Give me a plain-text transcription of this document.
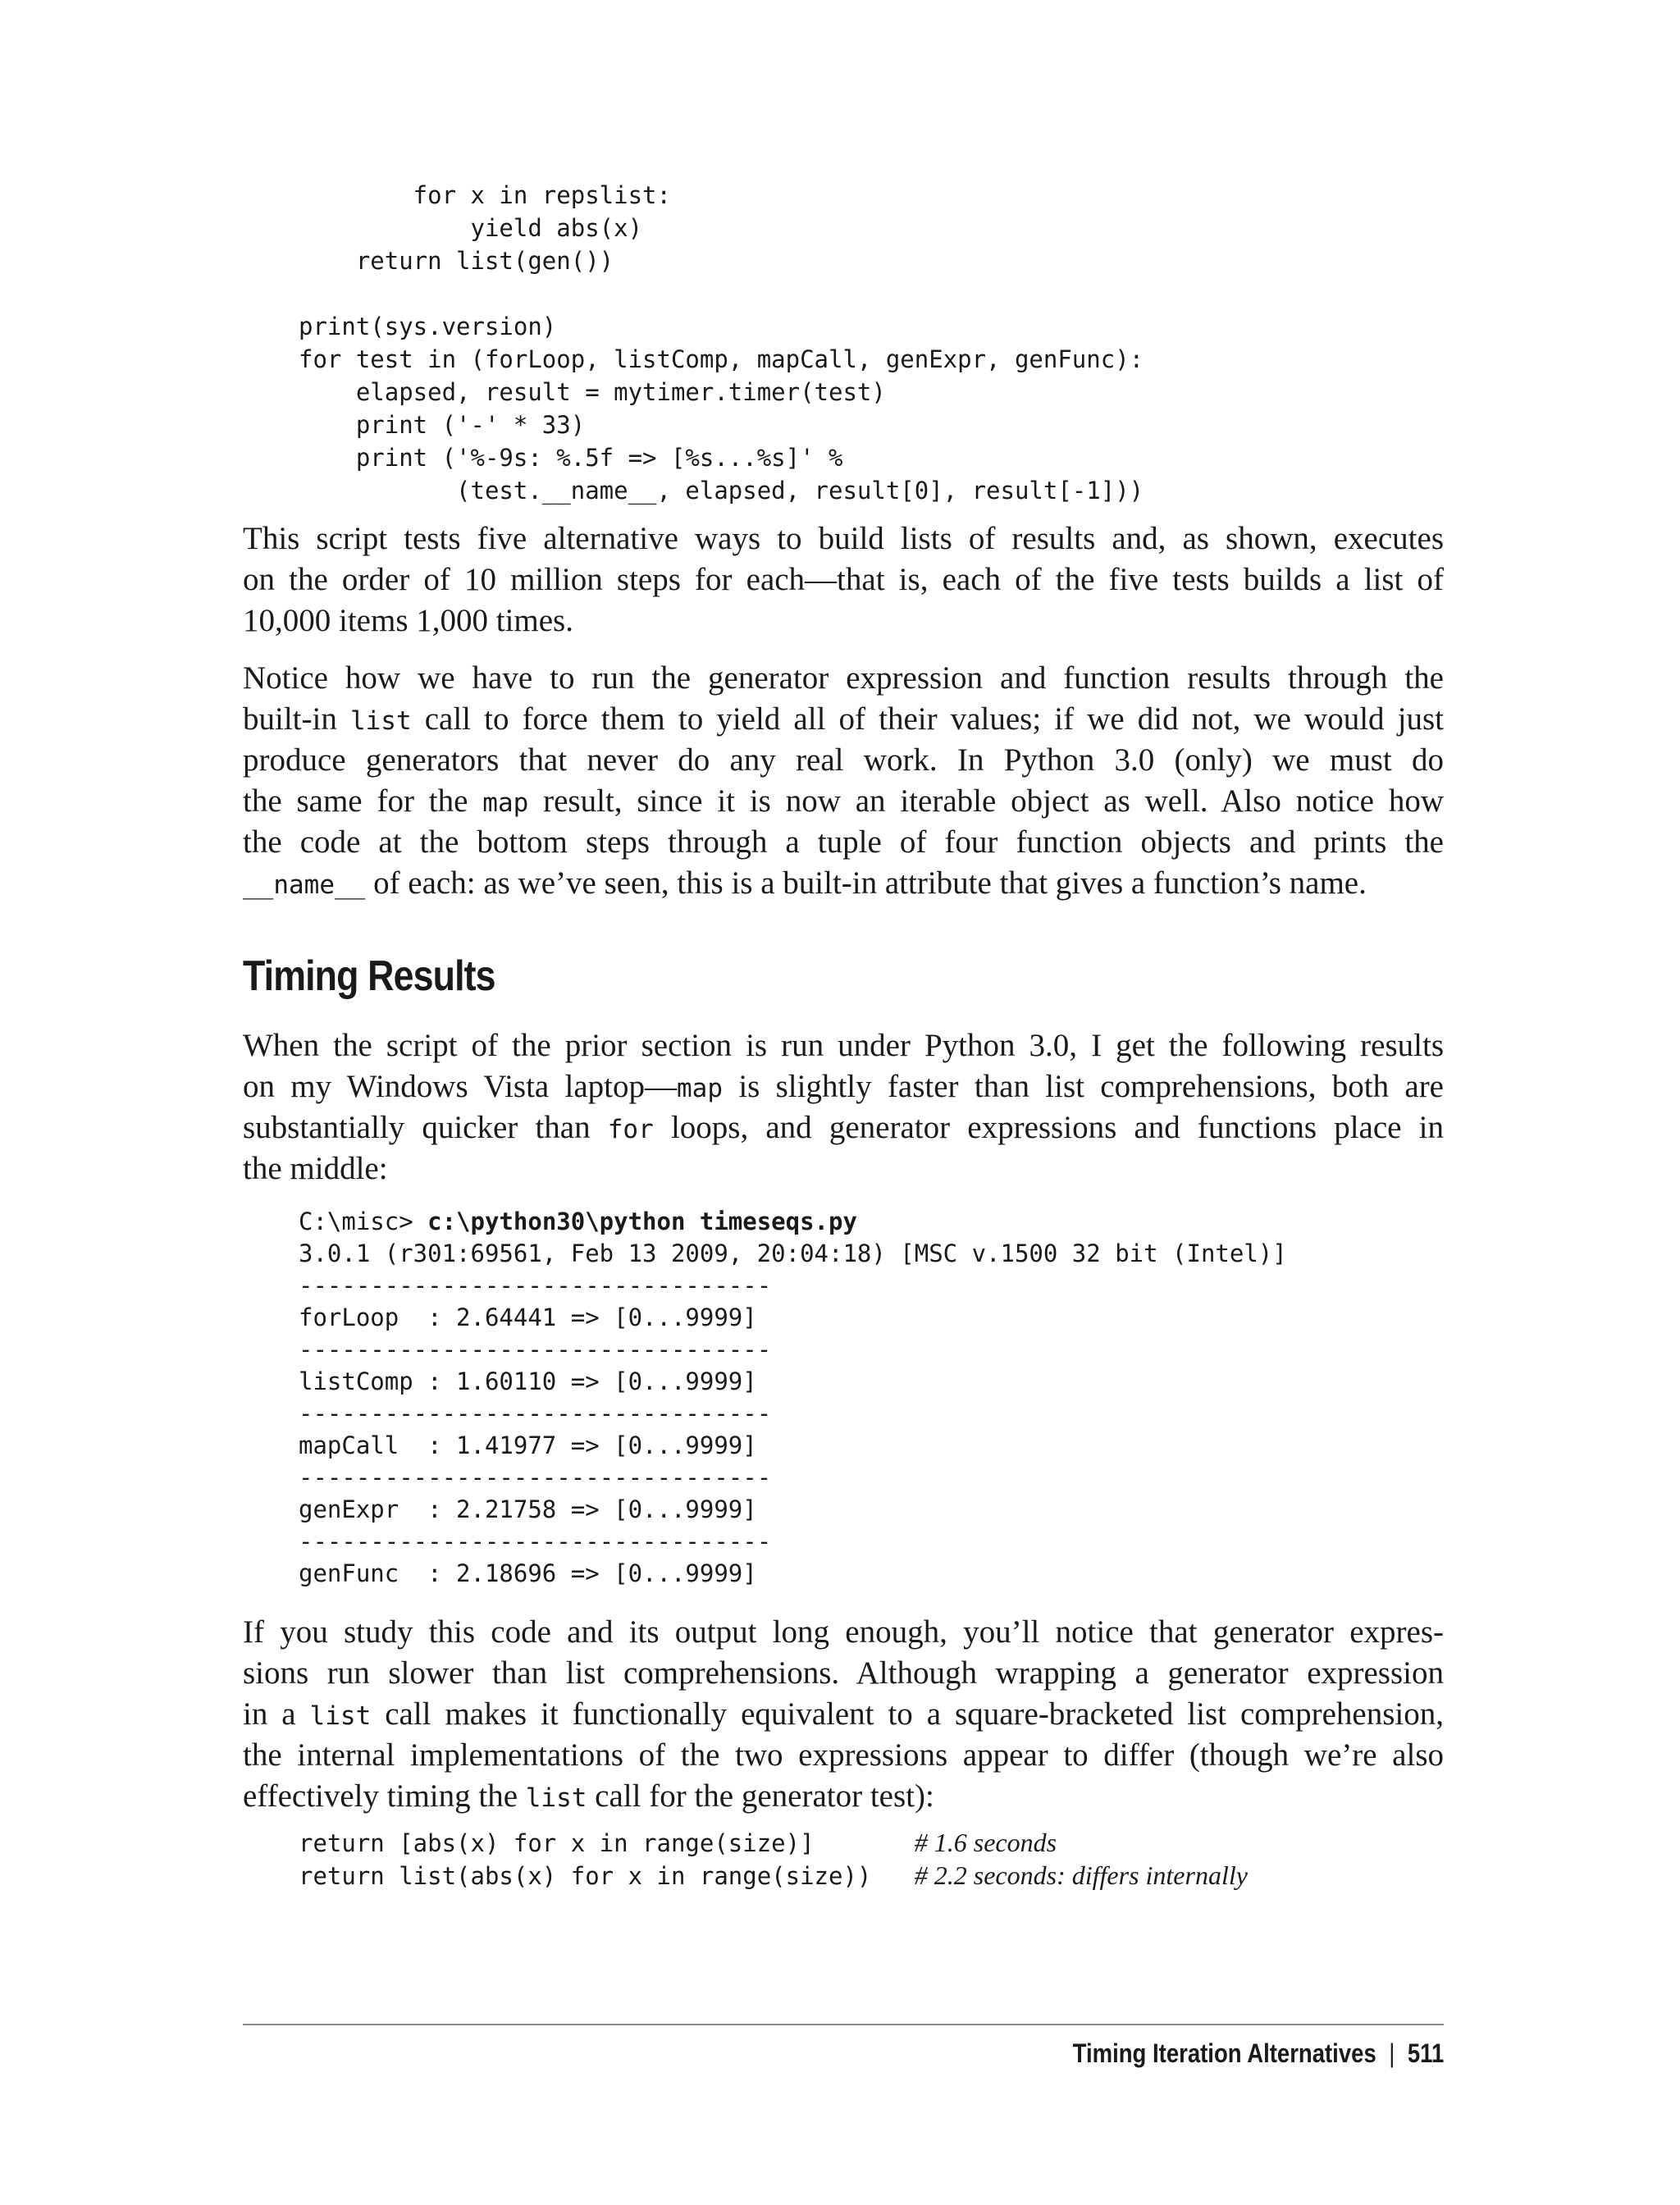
for x in repslist:
yield abs(x)
return list(gen())
print(sys.version)
for test in (forLoop, listComp, mapCall, genExpr, genFunc):
elapsed, result = mytimer.timer(test)
print ('-' * 33)
print ('%-9s: %.5f => [%s...%s]' %
(test.__name__, elapsed, result[0], result[-1]))
This script tests five alternative ways to build lists of results and, as shown, executes
on the order of 10 million steps for each—that is, each of the five tests builds a list of
10,000 items 1,000 times.
Notice how we have to run the generator expression and function results through the
built-in list call to force them to yield all of their values; if we did not, we would just
produce generators that never do any real work. In Python 3.0 (only) we must do
the same for the map result, since it is now an iterable object as well. Also notice how
the code at the bottom steps through a tuple of four function objects and prints the
__name__ of each: as we’ve seen, this is a built-in attribute that gives a function’s name.
Timing Results
When the script of the prior section is run under Python 3.0, I get the following results
on my Windows Vista laptop—map is slightly faster than list comprehensions, both are
substantially quicker than for loops, and generator expressions and functions place in
the middle:
C:\misc> c:\python30\python timeseqs.py
3.0.1 (r301:69561, Feb 13 2009, 20:04:18) [MSC v.1500 32 bit (Intel)]
---------------------------------
forLoop  : 2.64441 => [0...9999]
---------------------------------
listComp : 1.60110 => [0...9999]
---------------------------------
mapCall  : 1.41977 => [0...9999]
---------------------------------
genExpr  : 2.21758 => [0...9999]
---------------------------------
genFunc  : 2.18696 => [0...9999]
If you study this code and its output long enough, you’ll notice that generator expres-
sions run slower than list comprehensions. Although wrapping a generator expression
in a list call makes it functionally equivalent to a square-bracketed list comprehension,
the internal implementations of the two expressions appear to differ (though we’re also
effectively timing the list call for the generator test):
return [abs(x) for x in range(size)]       # 1.6 seconds
return list(abs(x) for x in range(size))   # 2.2 seconds: differs internally
Timing Iteration Alternatives | 511
